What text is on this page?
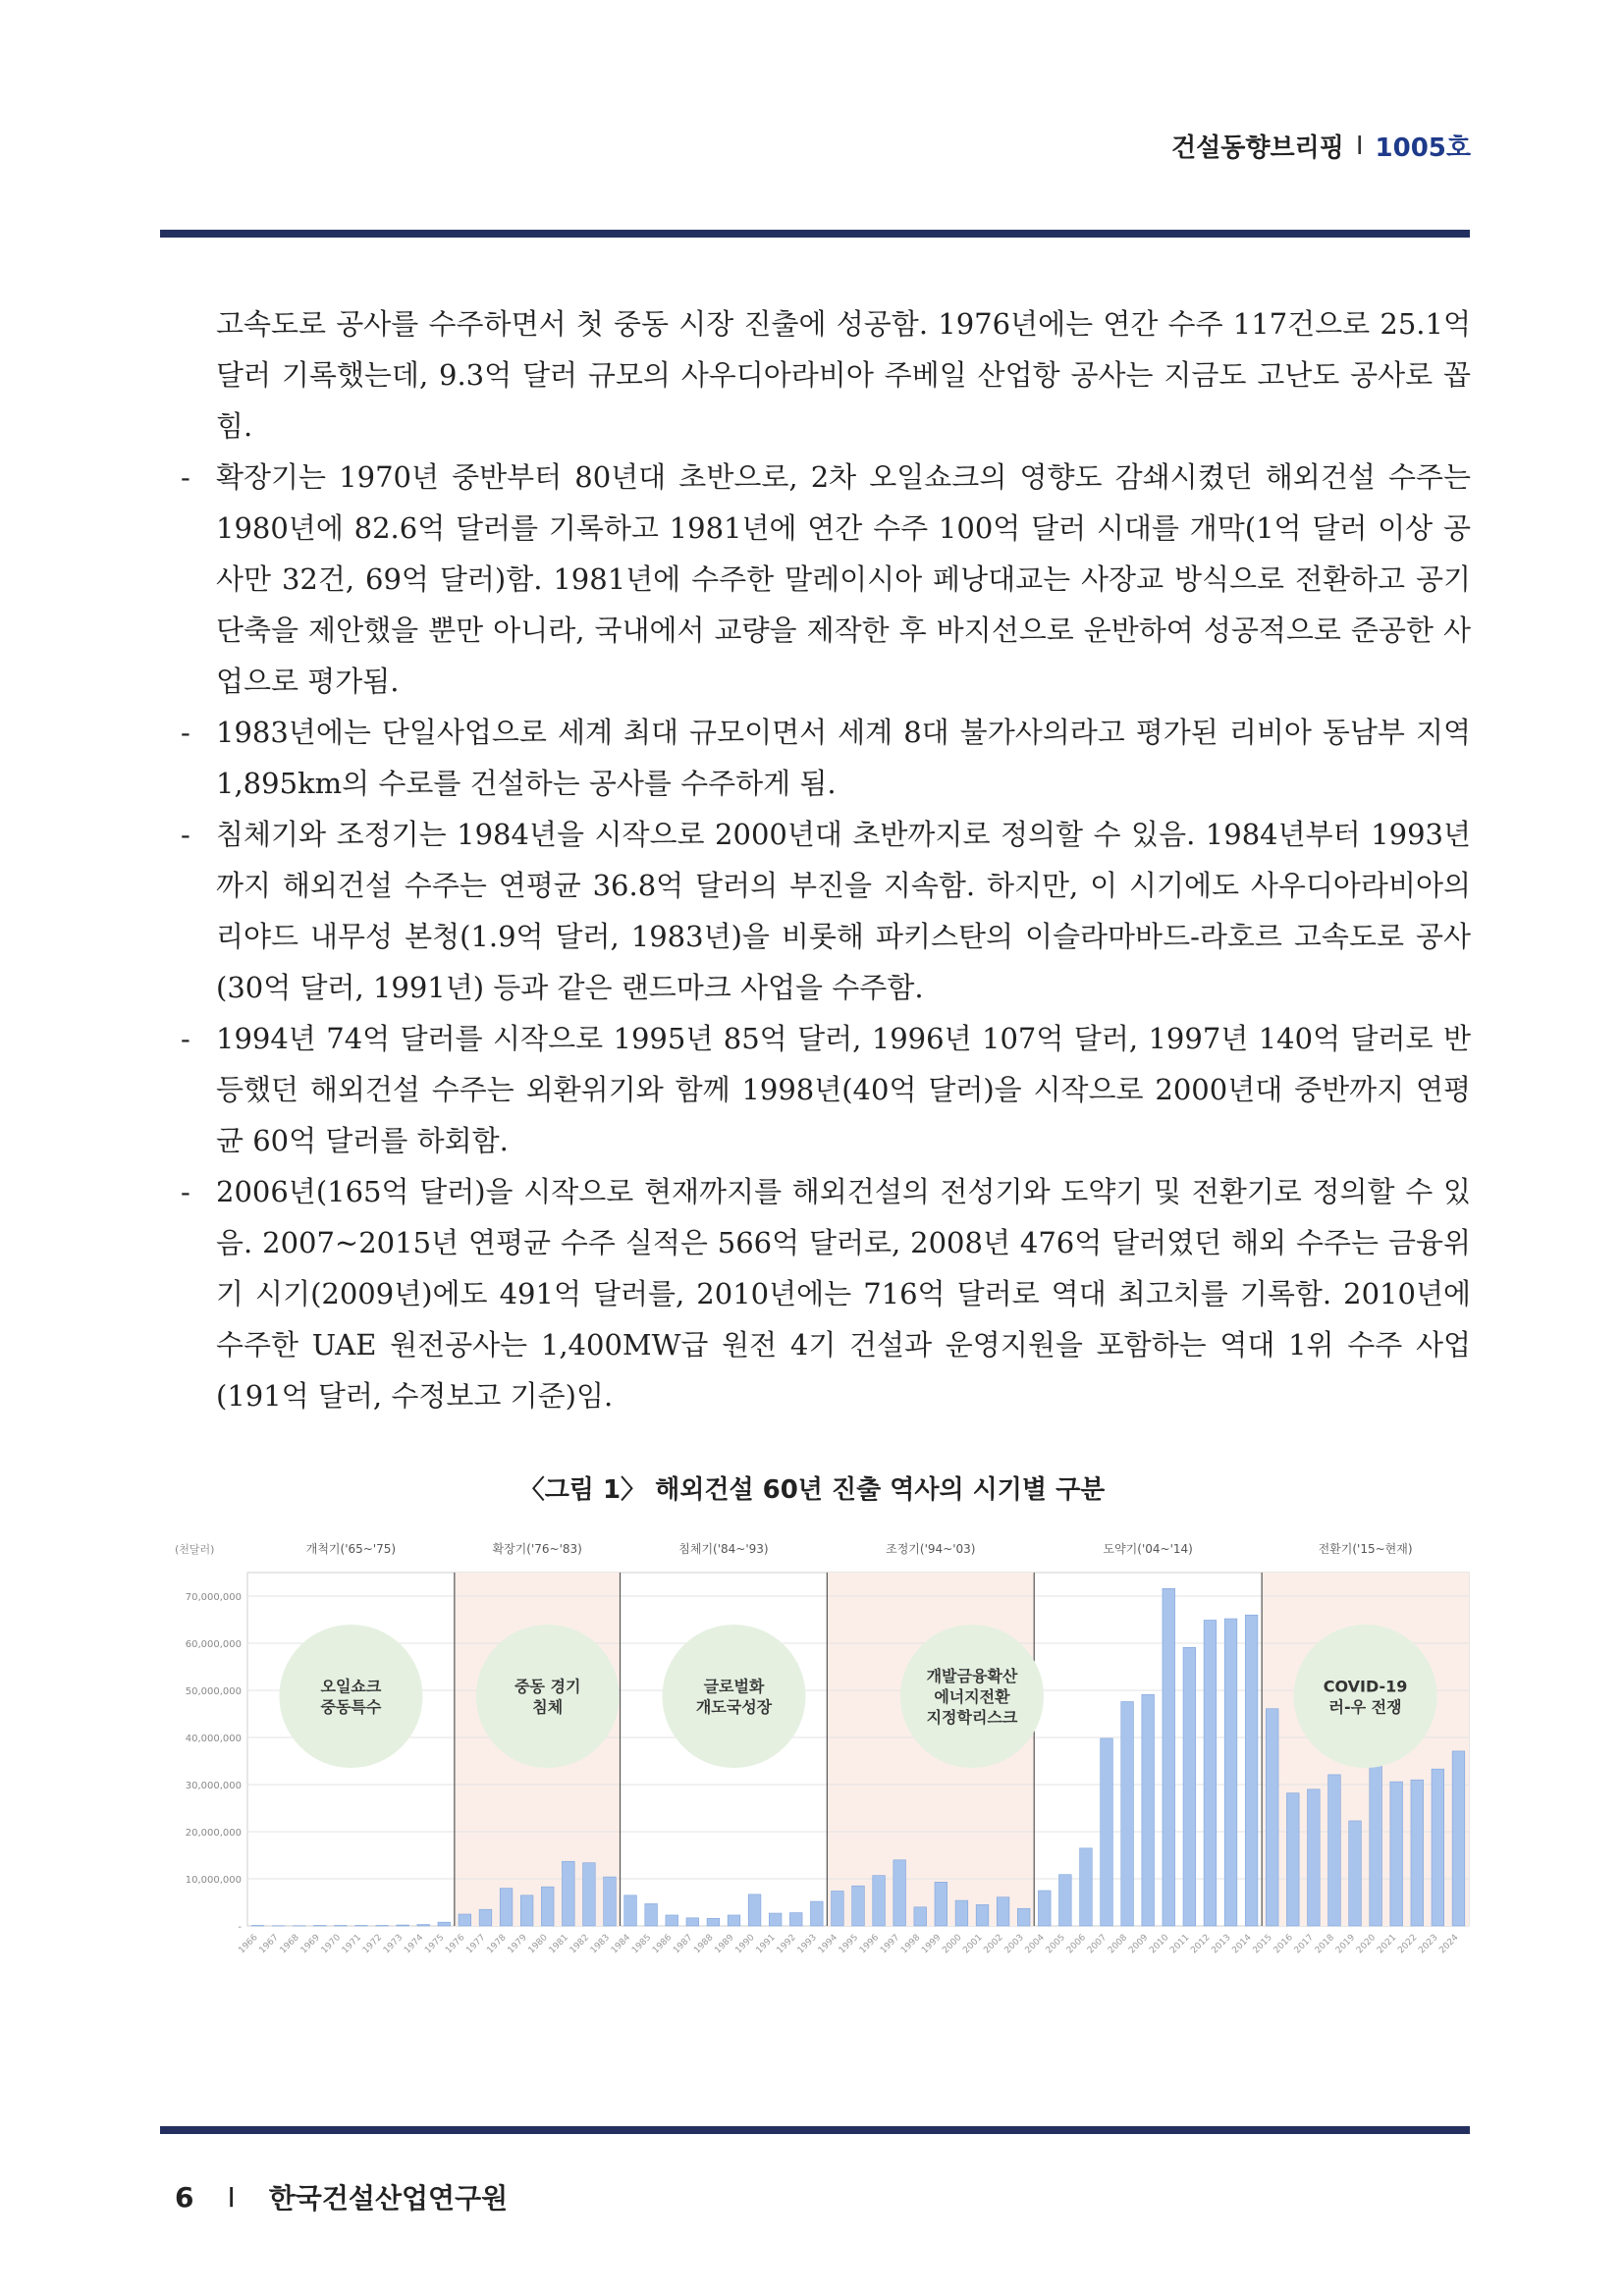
건설동향브리핑 I 1005호

고속도로 공사를 수주하면서 첫 중동 시장 진출에 성공함. 1976년에는 연간 수주 117건으로 25.1억 달러 기록했는데, 9.3억 달러 규모의 사우디아라비아 주베일 산업항 공사는 지금도 고난도 공사로 꼽힘.

- 확장기는 1970년 중반부터 80년대 초반으로, 2차 오일쇼크의 영향도 감쇄시켰던 해외건설 수주는 1980년에 82.6억 달러를 기록하고 1981년에 연간 수주 100억 달러 시대를 개막(1억 달러 이상 공사만 32건, 69억 달러)함. 1981년에 수주한 말레이시아 페낭대교는 사장교 방식으로 전환하고 공기단축을 제안했을 뿐만 아니라, 국내에서 교량을 제작한 후 바지선으로 운반하여 성공적으로 준공한 사업으로 평가됨.

- 1983년에는 단일사업으로 세계 최대 규모이면서 세계 8대 불가사의라고 평가된 리비아 동남부 지역 1,895km의 수로를 건설하는 공사를 수주하게 됨.

- 침체기와 조정기는 1984년을 시작으로 2000년대 초반까지로 정의할 수 있음. 1984년부터 1993년까지 해외건설 수주는 연평균 36.8억 달러의 부진을 지속함. 하지만, 이 시기에도 사우디아라비아의 리야드 내무성 본청(1.9억 달러, 1983년)을 비롯해 파키스탄의 이슬라마바드-라호르 고속도로 공사(30억 달러, 1991년) 등과 같은 랜드마크 사업을 수주함.

- 1994년 74억 달러를 시작으로 1995년 85억 달러, 1996년 107억 달러, 1997년 140억 달러로 반등했던 해외건설 수주는 외환위기와 함께 1998년(40억 달러)을 시작으로 2000년대 중반까지 연평균 60억 달러를 하회함.

- 2006년(165억 달러)을 시작으로 현재까지를 해외건설의 전성기와 도약기 및 전환기로 정의할 수 있음. 2007~2015년 연평균 수주 실적은 566억 달러로, 2008년 476억 달러였던 해외 수주는 금융위기 시기(2009년)에도 491억 달러를, 2010년에는 716억 달러로 역대 최고치를 기록함. 2010년에 수주한 UAE 원전공사는 1,400MW급 원전 4기 건설과 운영지원을 포함하는 역대 1위 수주 사업(191억 달러, 수정보고 기준)임.

〈그림 1〉 해외건설 60년 진출 역사의 시기별 구분
70,000,000
60,000,000
50,000,000
40,000,000
30,000,000
20,000,000
10,000,000
-
(천달러)	개척기('65~'75)	확장기('76~'83)	침체기('84~'93)	조정기('94~'03)	도약기('04~'14)	전환기('15~현재)
1966
1967
1968
1969
1970
1971
1972
1973
1974
1975
1976
1977
1978
1979
1980
1981
1982
1983
1984
1985
1986
1987
1988
1989
1990
1991
1992
1993
1994
1995
1996
1997
1998
1999
2000
2001
2002
2003
2004
2005
2006
2007
2008
2009
2010
2011
2012
2013
2014
2015
2016
2017
2018
2019
2020
2021
2022
2023
2024
오일쇼크 중동특수
중동 경기 침체
글로벌화 개도국성장
개발금융확산 에너지전환 지정학리스크
COVID-19 러-우 전쟁
6 I 한국건설산업연구원
